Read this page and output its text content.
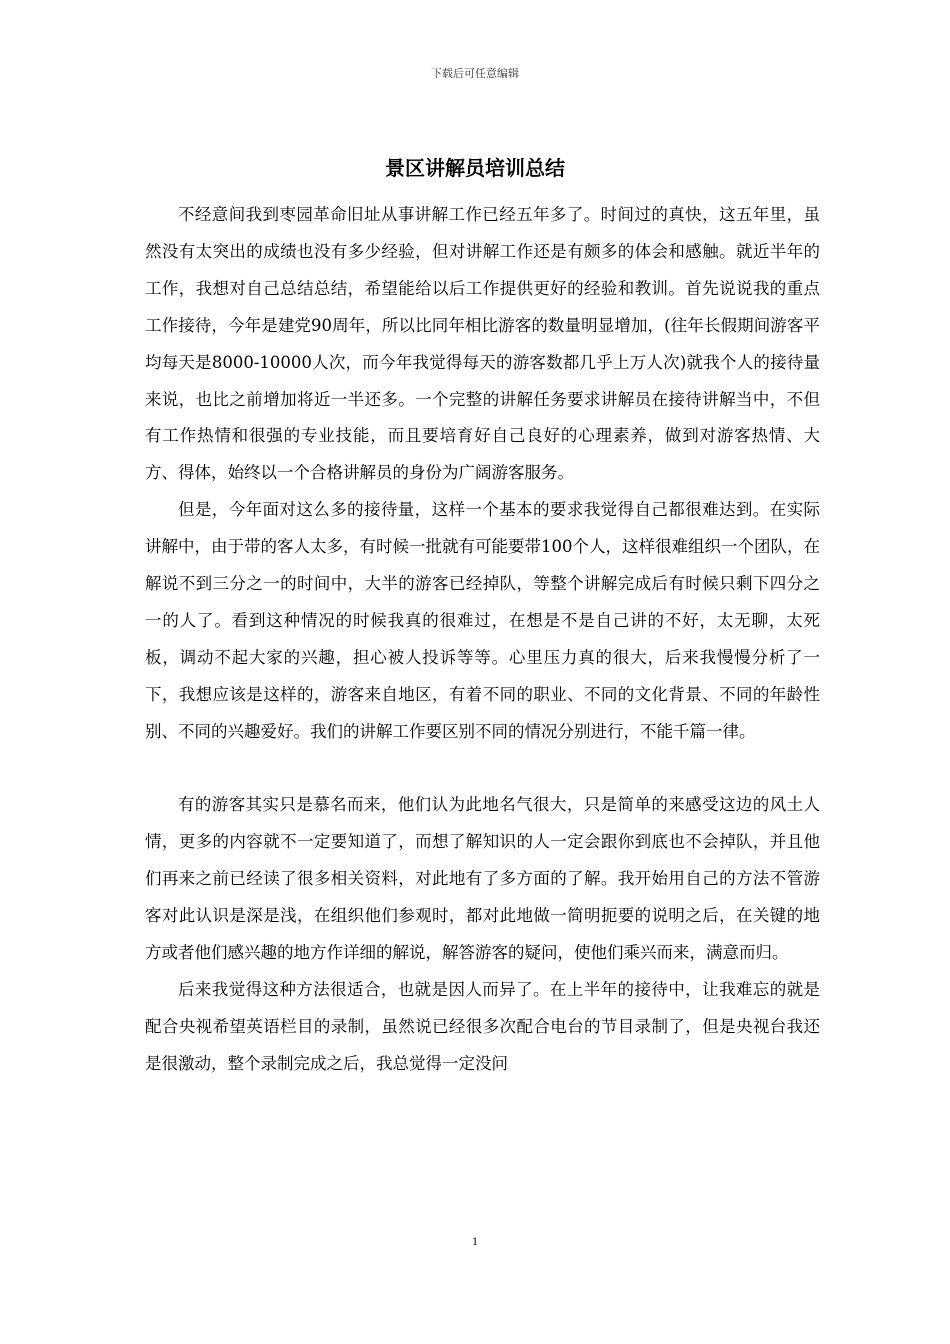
下载后可任意编辑
景区讲解员培训总结

不经意间我到枣园革命旧址从事讲解工作已经五年多了。时间过的真快，这五年里，虽然没有太突出的成绩也没有多少经验，但对讲解工作还是有颇多的体会和感触。就近半年的工作，我想对自己总结总结，希望能给以后工作提供更好的经验和教训。首先说说我的重点工作接待，今年是建党90周年，所以比同年相比游客的数量明显增加，(往年长假期间游客平均每天是8000-10000人次，而今年我觉得每天的游客数都几乎上万人次)就我个人的接待量来说，也比之前增加将近一半还多。一个完整的讲解任务要求讲解员在接待讲解当中，不但有工作热情和很强的专业技能，而且要培育好自己良好的心理素养，做到对游客热情、大方、得体，始终以一个合格讲解员的身份为广阔游客服务。

但是，今年面对这么多的接待量，这样一个基本的要求我觉得自己都很难达到。在实际讲解中，由于带的客人太多，有时候一批就有可能要带100个人，这样很难组织一个团队，在解说不到三分之一的时间中，大半的游客已经掉队，等整个讲解完成后有时候只剩下四分之一的人了。看到这种情况的时候我真的很难过，在想是不是自己讲的不好，太无聊，太死板，调动不起大家的兴趣，担心被人投诉等等。心里压力真的很大，后来我慢慢分析了一下，我想应该是这样的，游客来自地区，有着不同的职业、不同的文化背景、不同的年龄性别、不同的兴趣爱好。我们的讲解工作要区别不同的情况分别进行，不能千篇一律。

有的游客其实只是慕名而来，他们认为此地名气很大，只是简单的来感受这边的风土人情，更多的内容就不一定要知道了，而想了解知识的人一定会跟你到底也不会掉队，并且他们再来之前已经读了很多相关资料，对此地有了多方面的了解。我开始用自己的方法不管游客对此认识是深是浅，在组织他们参观时，都对此地做一简明扼要的说明之后，在关键的地方或者他们感兴趣的地方作详细的解说，解答游客的疑问，使他们乘兴而来，满意而归。

后来我觉得这种方法很适合，也就是因人而异了。在上半年的接待中，让我难忘的就是配合央视希望英语栏目的录制，虽然说已经很多次配合电台的节目录制了，但是央视台我还是很激动，整个录制完成之后，我总觉得一定没问

1
